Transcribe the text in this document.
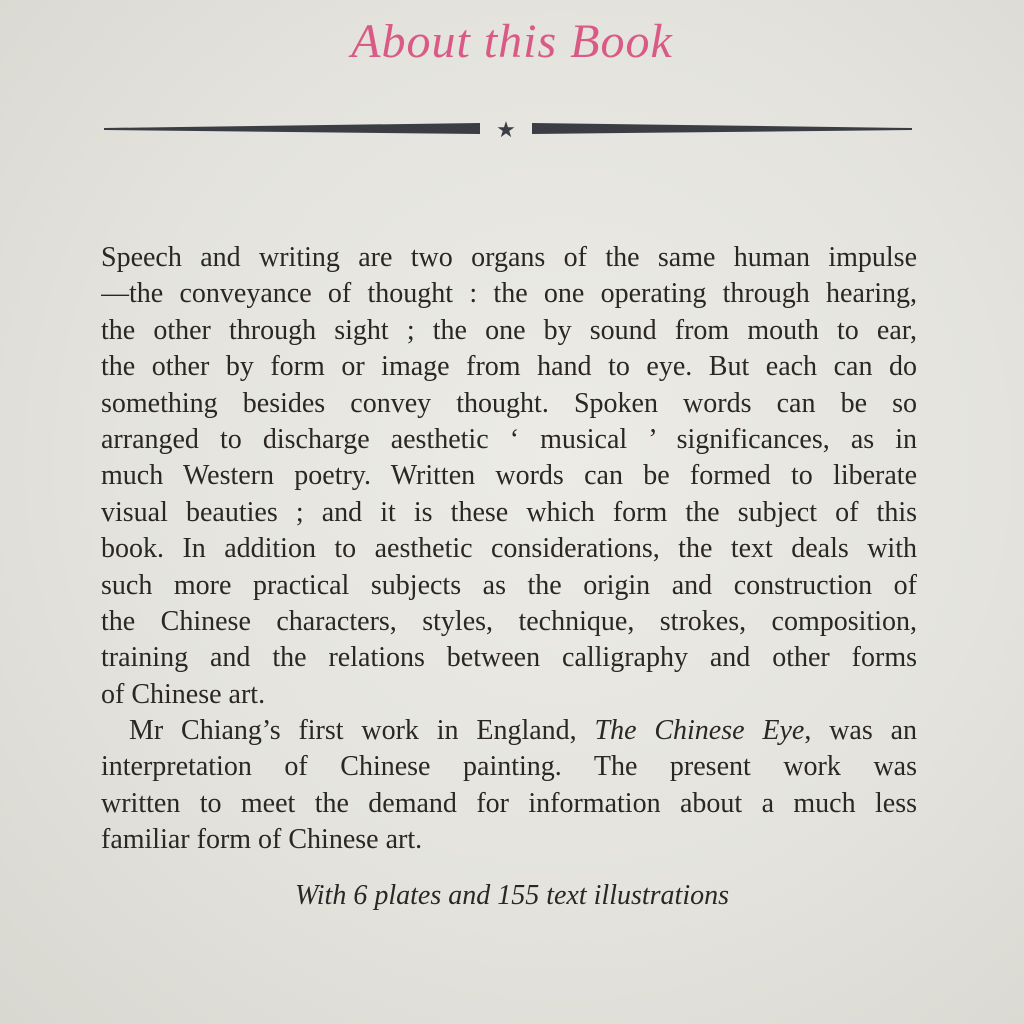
About this Book
★
Speech and writing are two organs of the same human impulse
—the conveyance of thought : the one operating through hearing,
the other through sight ; the one by sound from mouth to ear,
the other by form or image from hand to eye. But each can do
something besides convey thought. Spoken words can be so
arranged to discharge aesthetic ‘ musical ’ significances, as in
much Western poetry. Written words can be formed to liberate
visual beauties ; and it is these which form the subject of this
book. In addition to aesthetic considerations, the text deals with
such more practical subjects as the origin and construction of
the Chinese characters, styles, technique, strokes, composition,
training and the relations between calligraphy and other forms
of Chinese art.
Mr Chiang’s first work in England, The Chinese Eye, was an
interpretation of Chinese painting. The present work was
written to meet the demand for information about a much less
familiar form of Chinese art.

With 6 plates and 155 text illustrations
